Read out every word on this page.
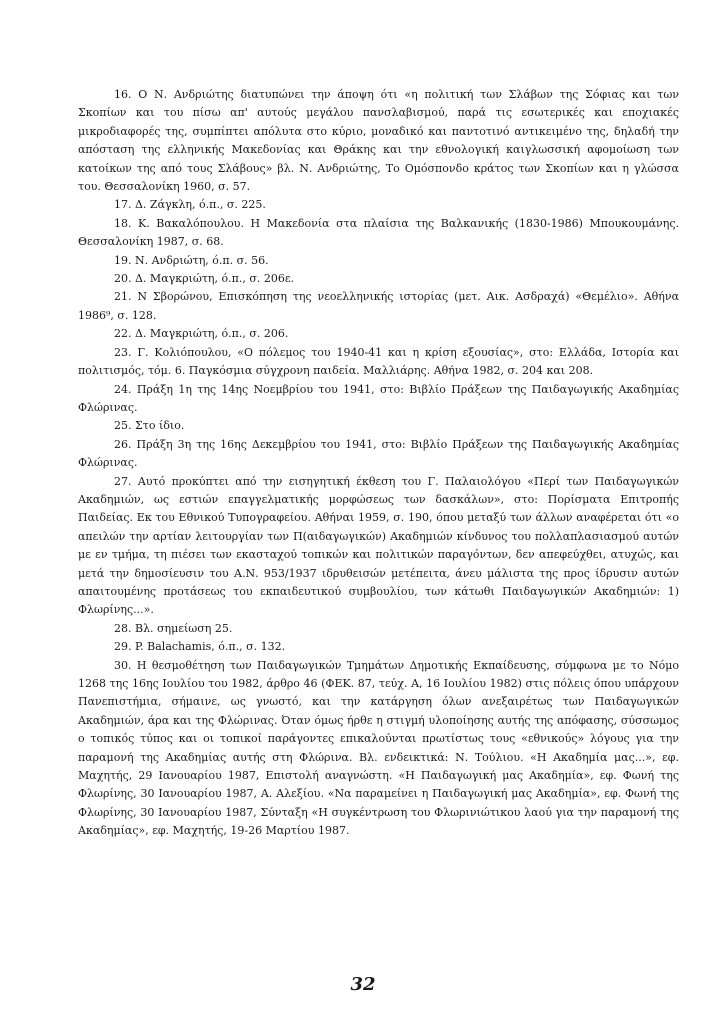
16. Ο Ν. Ανδριώτης διατυπώνει την άποψη ότι «η πολιτική των Σλάβων της Σόφιας και των Σκοπίων και του πίσω απ' αυτούς μεγάλου πανσλαβισμού, παρά τις εσωτερικές και εποχιακές μικροδιαφορές της, συμπίπτει απόλυτα στο κύριο, μοναδικό και παντοτινό αντικειμένο της, δηλαδή την απόσταση της ελληνικής Μακεδονίας και Θράκης και την εθνολογική καιγλωσσική αφομοίωση των κατοίκων της από τους Σλάβους» βλ. Ν. Ανδριώτης, Το Ομόσπονδο κράτος των Σκοπίων και η γλώσσα του. Θεσσαλονίκη 1960, σ. 57.

17. Δ. Ζάγκλη, ό.π., σ. 225.

18. Κ. Βακαλόπουλου. Η Μακεδονία στα πλαίσια της Βαλκανικής (1830-1986) Μπουκουμάνης. Θεσσαλονίκη 1987, σ. 68.

19. Ν. Ανδριώτη, ό.π. σ. 56.

20. Δ. Μαγκριώτη, ό.π., σ. 206ε.

21. Ν Σβορώνου, Επισκόπηση της νεοελληνικής ιστορίας (μετ. Αικ. Ασδραχά) «Θεμέλιο». Αθήνα 1986⁹, σ. 128.

22. Δ. Μαγκριώτη, ό.π., σ. 206.

23. Γ. Κολιόπουλου, «Ο πόλεμος του 1940-41 και η κρίση εξουσίας», στο: Ελλάδα, Ιστορία και πολιτισμός, τόμ. 6. Παγκόσμια σύγχρονη παιδεία. Μαλλιάρης. Αθήνα 1982, σ. 204 και 208.

24. Πράξη 1η της 14ης Νοεμβρίου του 1941, στο: Βιβλίο Πράξεων της Παιδαγωγικής Ακαδημίας Φλώρινας.

25. Στο ίδιο.

26. Πράξη 3η της 16ης Δεκεμβρίου του 1941, στο: Βιβλίο Πράξεων της Παιδαγωγικής Ακαδημίας Φλώρινας.

27. Αυτό προκύπτει από την εισηγητική έκθεση του Γ. Παλαιολόγου «Περί των Παιδαγωγικών Ακαδημιών, ως εστιών επαγγελματικής μορφώσεως των δασκάλων», στο: Πορίσματα Επιτροπής Παιδείας. Εκ του Εθνικού Τυπογραφείου. Αθήναι 1959, σ. 190, όπου μεταξύ των άλλων αναφέρεται ότι «ο απειλών την αρτίαν λειτουργίαν των Π(αιδαγωγικών) Ακαδημιών κίνδυνος του πολλαπλασιασμού αυτών με εν τμήμα, τη πιέσει των εκασταχού τοπικών και πολιτικών παραγόντων, δεν απεφεύχθει, ατυχώς, και μετά την δημοσίευσιν του Α.Ν. 953/1937 ιδρυθεισών μετέπειτα, άνευ μάλιστα της προς ίδρυσιν αυτών απαιτουμένης προτάσεως του εκπαιδευτικού συμβουλίου, των κάτωθι Παιδαγωγικών Ακαδημιών: 1) Φλωρίνης...».

28. Βλ. σημείωση 25.

29. P. Balachamis, ό.π., σ. 132.

30. Η θεσμοθέτηση των Παιδαγωγικών Τμημάτων Δημοτικής Εκπαίδευσης, σύμφωνα με το Νόμο 1268 της 16ης Ιουλίου του 1982, άρθρο 46 (ΦΕΚ. 87, τεύχ. Α, 16 Ιουλίου 1982) στις πόλεις όπου υπάρχουν Πανεπιστήμια, σήμαινε, ως γνωστό, και την κατάργηση όλων ανεξαιρέτως των Παιδαγωγικών Ακαδημιών, άρα και της Φλώρινας. Όταν όμως ήρθε η στιγμή υλοποίησης αυτής της απόφασης, σύσσωμος ο τοπικός τύπος και οι τοπικοί παράγοντες επικαλούνται πρωτίστως τους «εθνικούς» λόγους για την παραμονή της Ακαδημίας αυτής στη Φλώρινα. Βλ. ενδεικτικά: Ν. Τούλιου. «Η Ακαδημία μας...», εφ. Μαχητής, 29 Ιανουαρίου 1987, Επιστολή αναγνώστη. «Η Παιδαγωγική μας Ακαδημία», εφ. Φωνή της Φλωρίνης, 30 Ιανουαρίου 1987, Α. Αλεξίου. «Να παραμείνει η Παιδαγωγική μας Ακαδημία», εφ. Φωνή της Φλωρίνης, 30 Ιανουαρίου 1987, Σύνταξη «Η συγκέντρωση του Φλωρινιώτικου λαού για την παραμονή της Ακαδημίας», εφ. Μαχητής, 19-26 Μαρτίου 1987.

32
